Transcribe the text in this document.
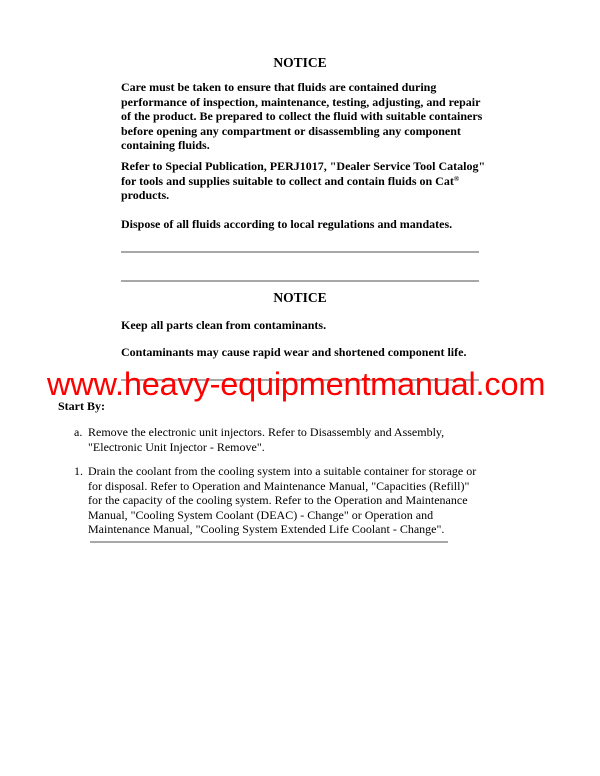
NOTICE

Care must be taken to ensure that fluids are contained during performance of inspection, maintenance, testing, adjusting, and repair of the product. Be prepared to collect the fluid with suitable containers before opening any compartment or disassembling any component containing fluids.

Refer to Special Publication, PERJ1017, "Dealer Service Tool Catalog" for tools and supplies suitable to collect and contain fluids on Cat® products.

Dispose of all fluids according to local regulations and mandates.

NOTICE

Keep all parts clean from contaminants.

Contaminants may cause rapid wear and shortened component life.

www.heavy-equipmentmanual.com
Start By:
a. Remove the electronic unit injectors. Refer to Disassembly and Assembly, "Electronic Unit Injector - Remove".
1. Drain the coolant from the cooling system into a suitable container for storage or for disposal. Refer to Operation and Maintenance Manual, "Capacities (Refill)" for the capacity of the cooling system. Refer to the Operation and Maintenance Manual, "Cooling System Coolant (DEAC) - Change" or Operation and Maintenance Manual, "Cooling System Extended Life Coolant - Change".
